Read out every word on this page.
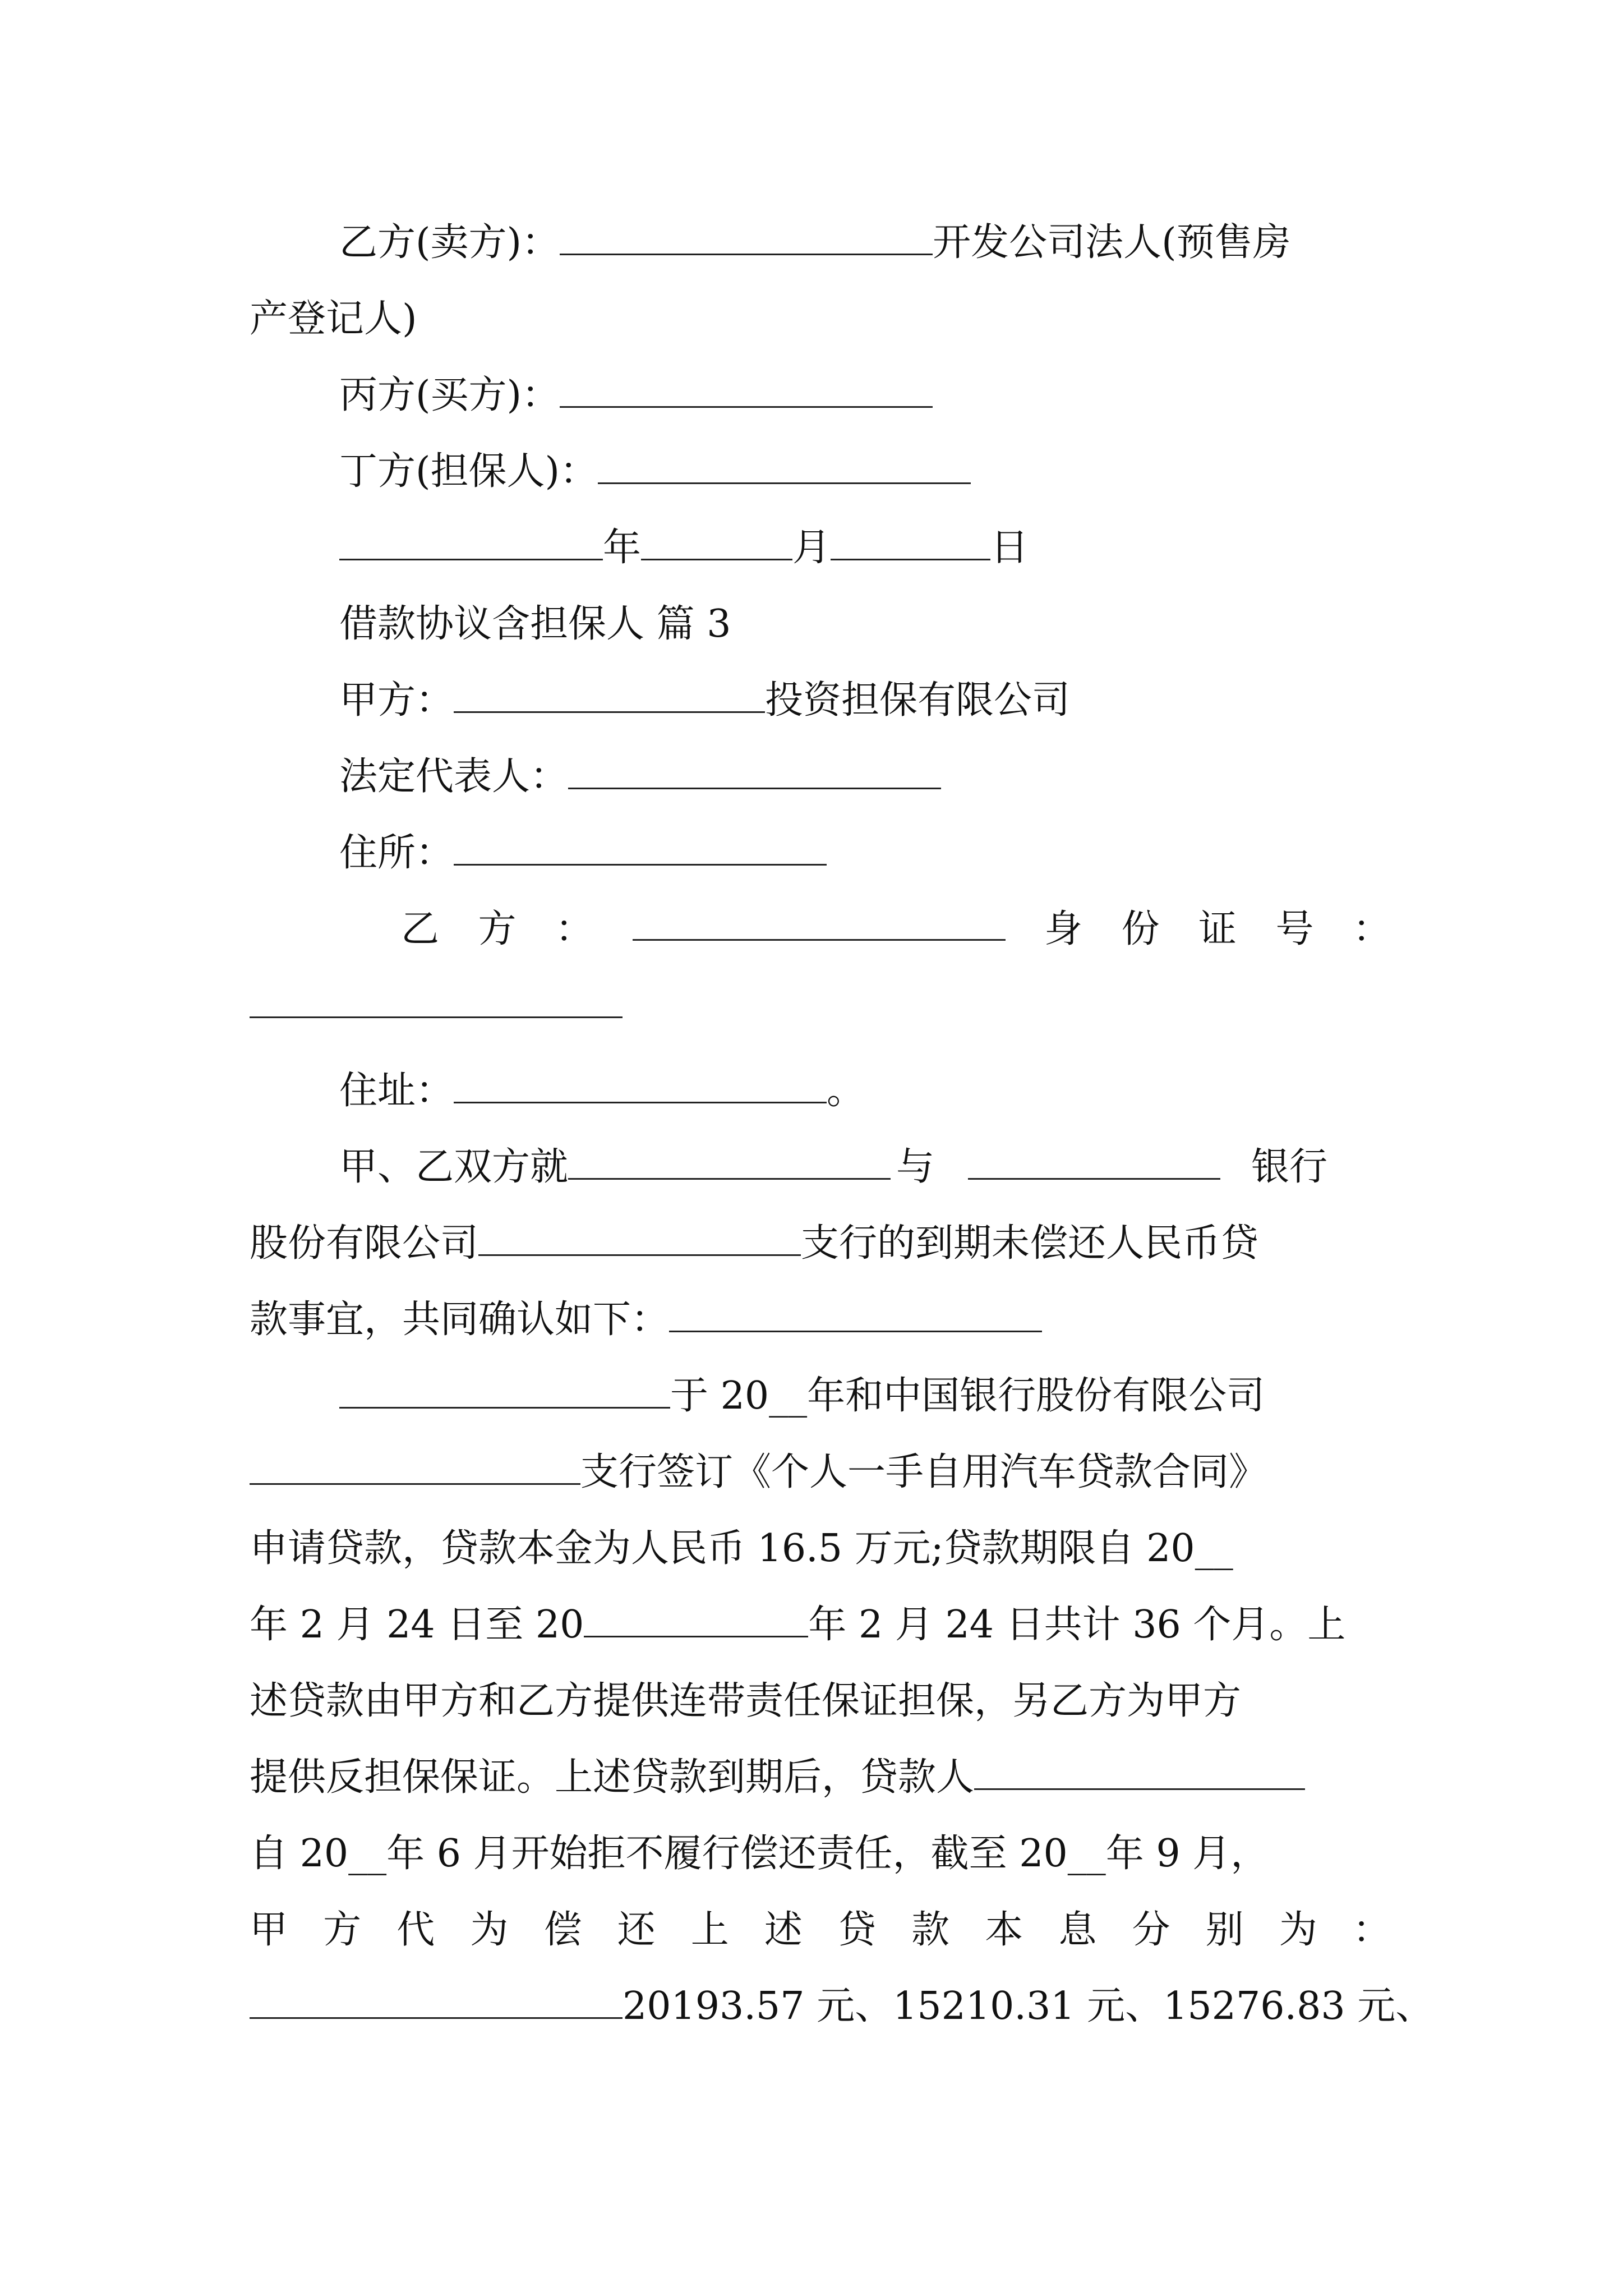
乙方(卖方)：	开发公司法人(预售房
产登记人)
丙方(买方)：
丁方(担保人)：
年	月	日
借款协议含担保人 篇 3
甲方：	投资担保有限公司
法定代表人：
住所：
乙 方 ：	身 份 证 号 ：
住址：	。
甲、乙双方就	与	银行
股份有限公司	支行的到期未偿还人民币贷
款事宜，共同确认如下：
于 20__年和中国银行股份有限公司
支行签订《个人一手自用汽车贷款合同》
申请贷款，贷款本金为人民币 16.5 万元;贷款期限自 20__
年 2 月 24 日至 20	年 2 月 24 日共计 36 个月。上
述贷款由甲方和乙方提供连带责任保证担保，另乙方为甲方
提供反担保保证。上述贷款到期后，贷款人
自 20__年 6 月开始拒不履行偿还责任，截至 20__年 9 月，
甲 方 代 为 偿 还 上 述 贷 款 本 息 分 别 为 ：
20193.57 元、15210.31 元、15276.83 元、
